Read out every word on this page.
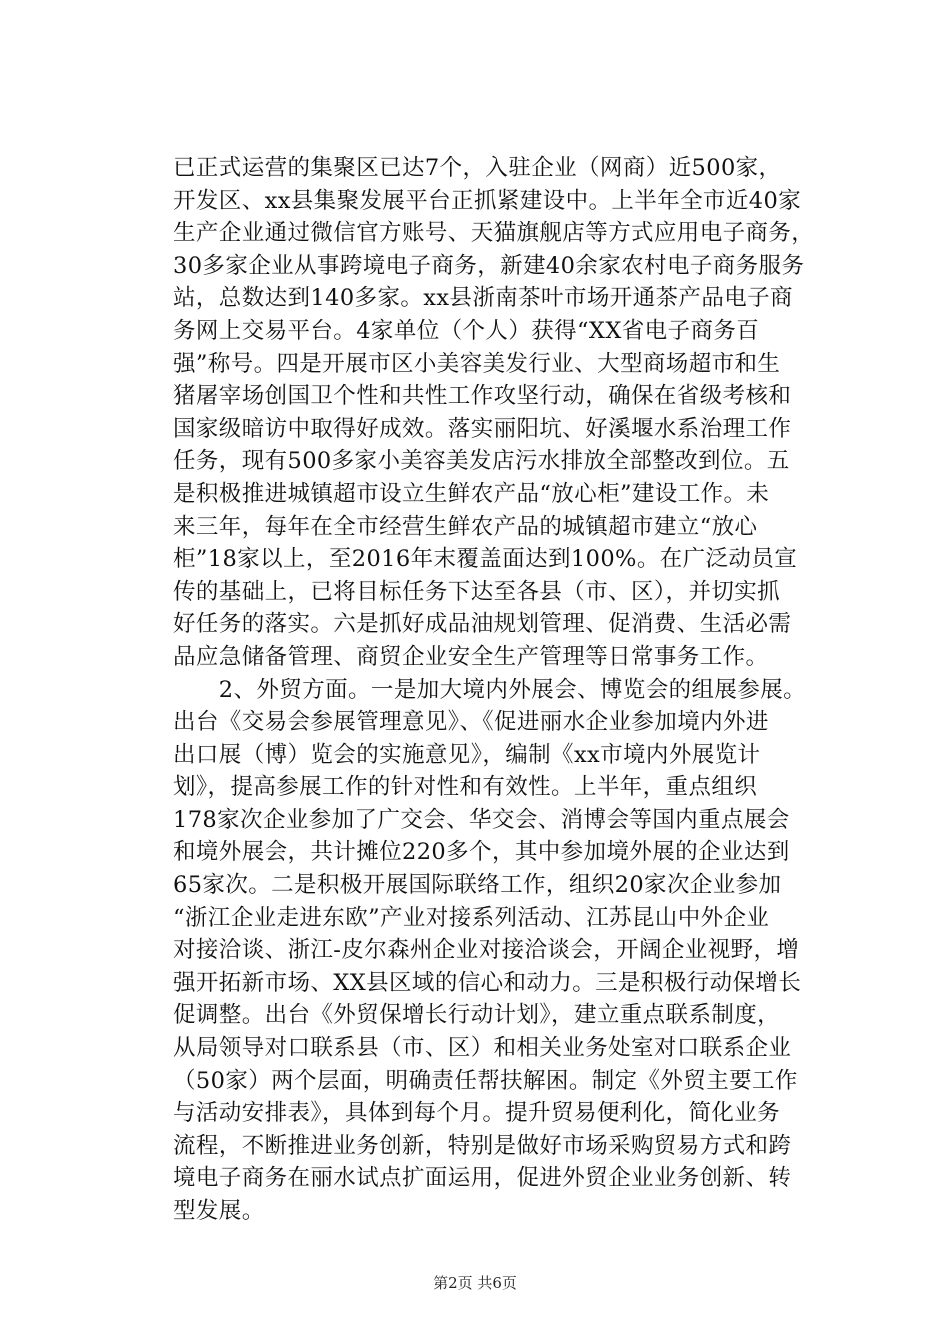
已正式运营的集聚区已达7个，入驻企业（网商）近500家，
开发区、xx县集聚发展平台正抓紧建设中。上半年全市近40家
生产企业通过微信官方账号、天猫旗舰店等方式应用电子商务，
30多家企业从事跨境电子商务，新建40余家农村电子商务服务
站，总数达到140多家。xx县浙南茶叶市场开通茶产品电子商
务网上交易平台。4家单位（个人）获得“XX省电子商务百
强”称号。四是开展市区小美容美发行业、大型商场超市和生
猪屠宰场创国卫个性和共性工作攻坚行动，确保在省级考核和
国家级暗访中取得好成效。落实丽阳坑、好溪堰水系治理工作
任务，现有500多家小美容美发店污水排放全部整改到位。五
是积极推进城镇超市设立生鲜农产品“放心柜”建设工作。未
来三年，每年在全市经营生鲜农产品的城镇超市建立“放心
柜”18家以上，至2016年末覆盖面达到100%。在广泛动员宣
传的基础上，已将目标任务下达至各县（市、区），并切实抓
好任务的落实。六是抓好成品油规划管理、促消费、生活必需
品应急储备管理、商贸企业安全生产管理等日常事务工作。
　　2、外贸方面。一是加大境内外展会、博览会的组展参展。
出台《交易会参展管理意见》、《促进丽水企业参加境内外进
出口展（博）览会的实施意见》，编制《xx市境内外展览计
划》，提高参展工作的针对性和有效性。上半年，重点组织
178家次企业参加了广交会、华交会、消博会等国内重点展会
和境外展会，共计摊位220多个，其中参加境外展的企业达到
65家次。二是积极开展国际联络工作，组织20家次企业参加
“浙江企业走进东欧”产业对接系列活动、江苏昆山中外企业
对接洽谈、浙江-皮尔森州企业对接洽谈会，开阔企业视野，增
强开拓新市场、XX县区域的信心和动力。三是积极行动保增长
促调整。出台《外贸保增长行动计划》，建立重点联系制度，
从局领导对口联系县（市、区）和相关业务处室对口联系企业
（50家）两个层面，明确责任帮扶解困。制定《外贸主要工作
与活动安排表》，具体到每个月。提升贸易便利化，简化业务
流程，不断推进业务创新，特别是做好市场采购贸易方式和跨
境电子商务在丽水试点扩面运用，促进外贸企业业务创新、转
型发展。
第2页 共6页
